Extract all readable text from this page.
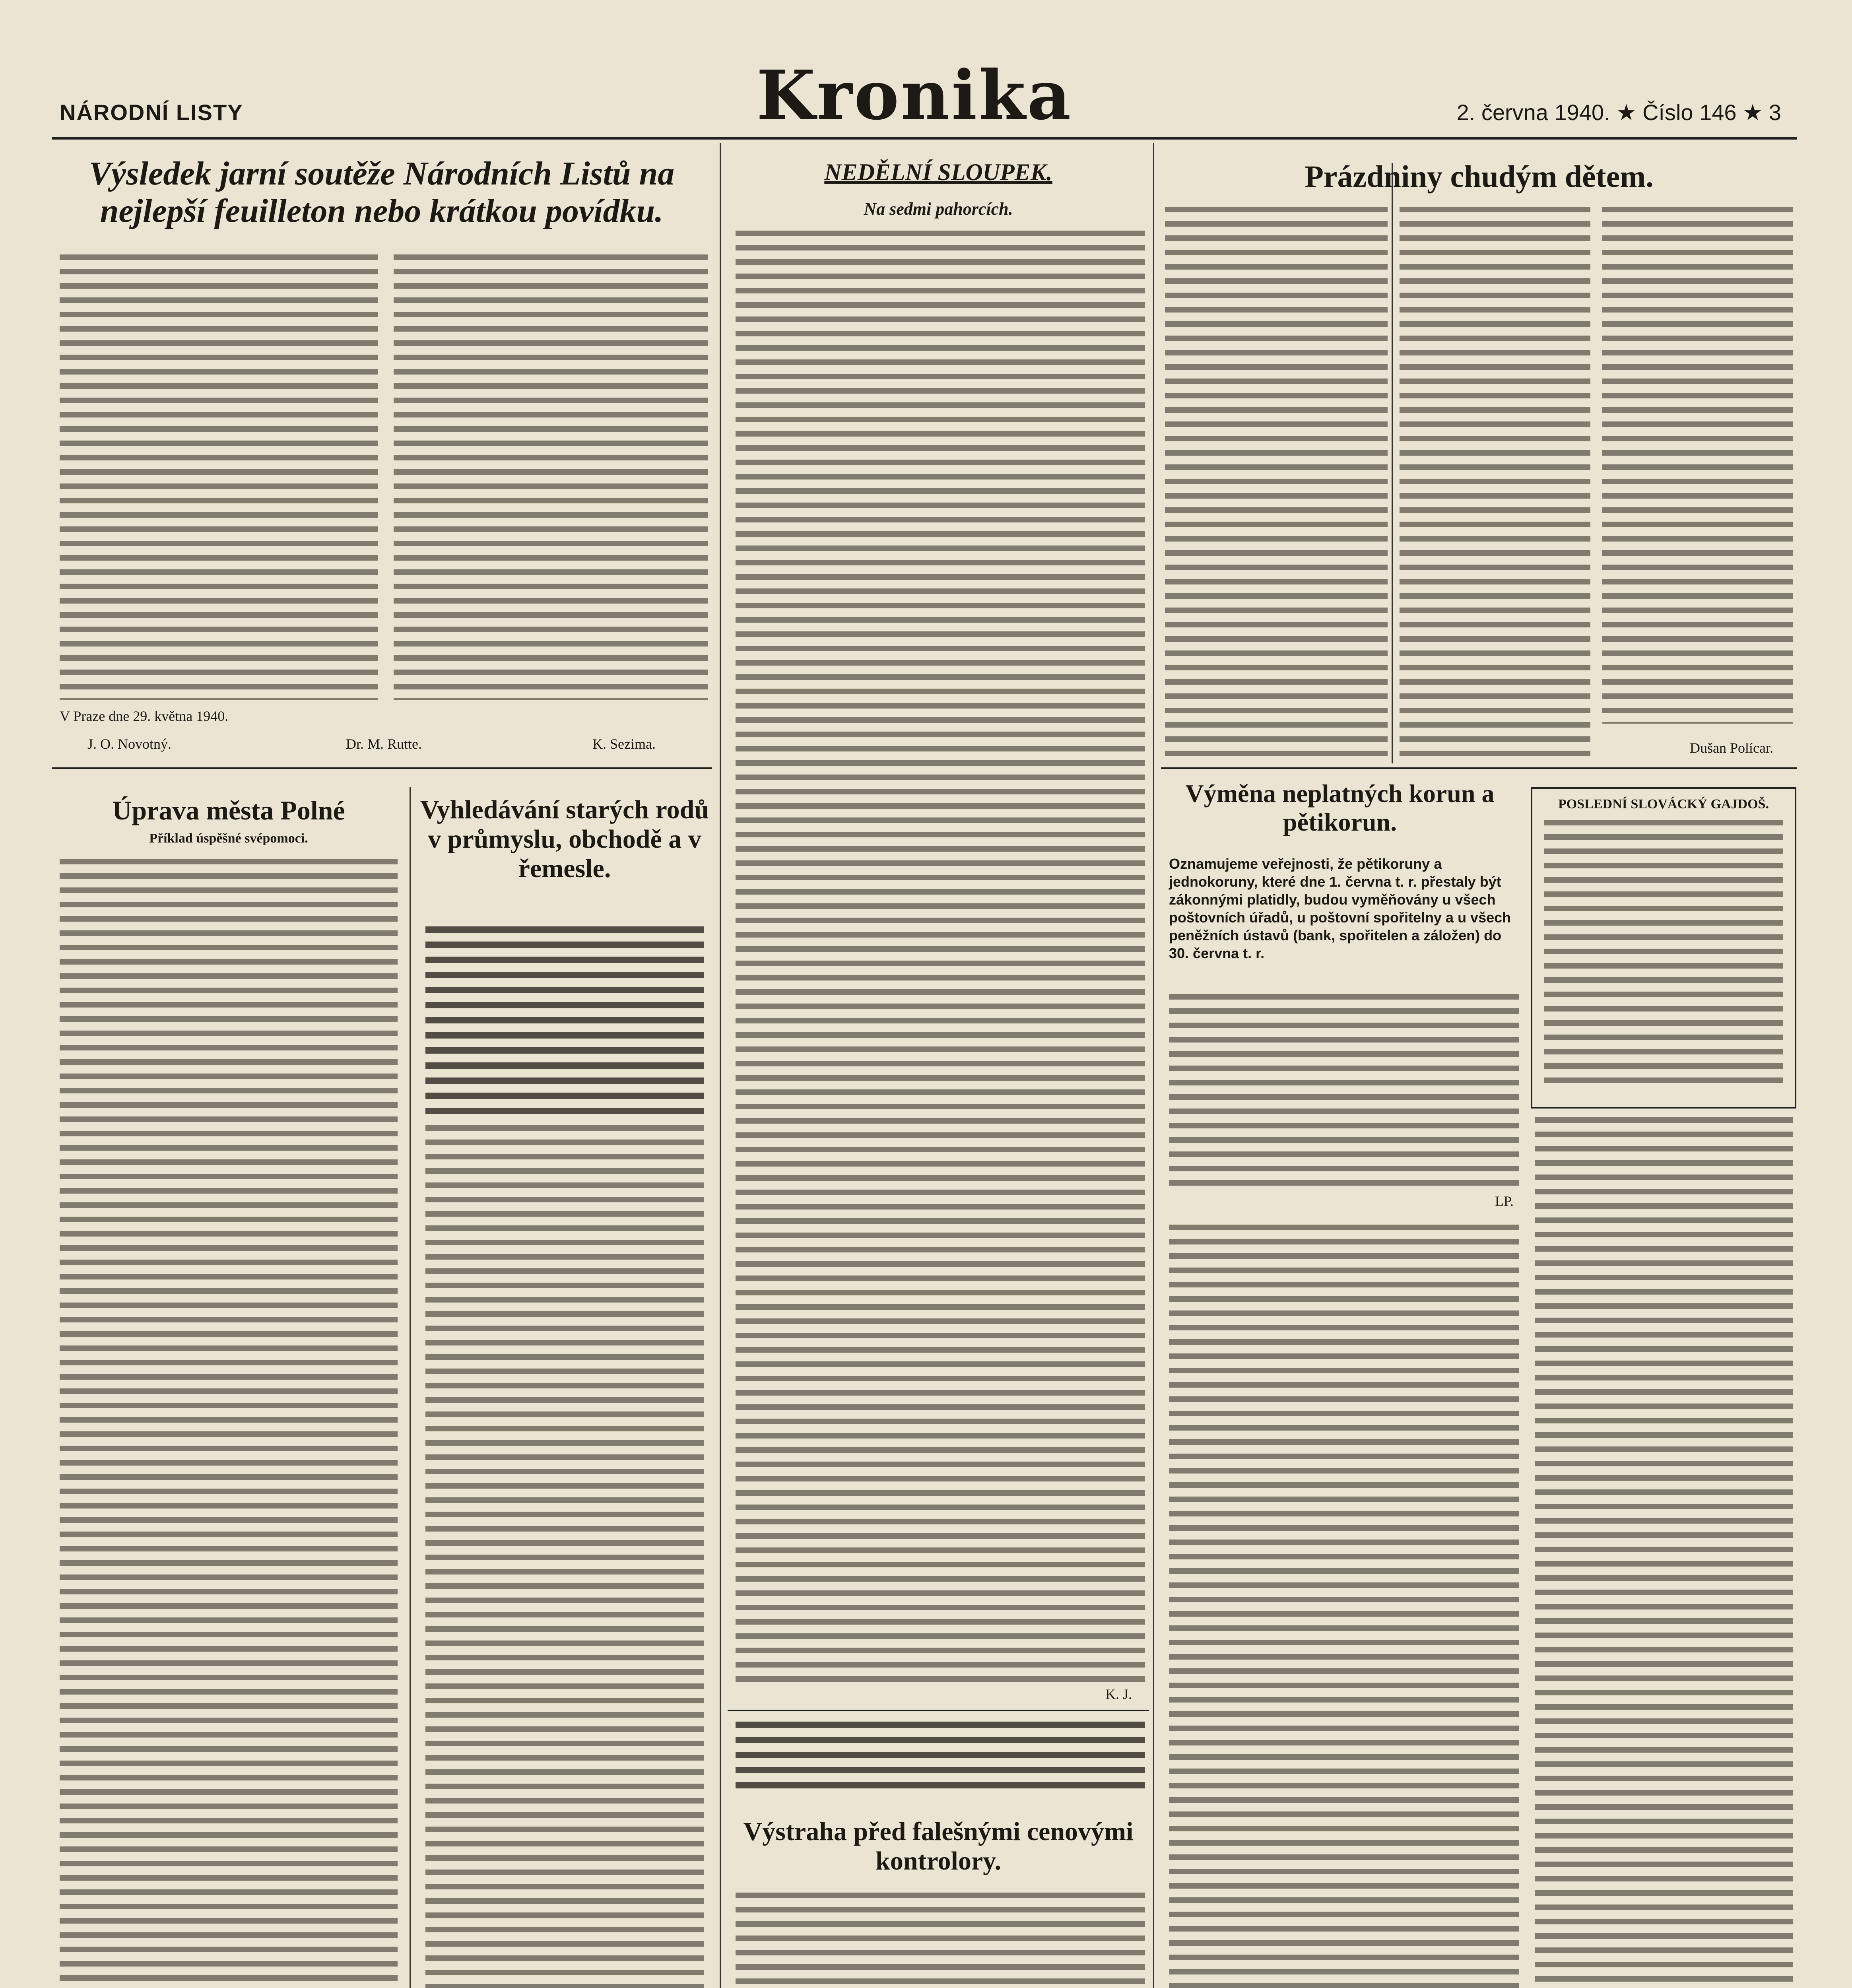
NÁRODNÍ LISTY	Kronika	2. června 1940. ★ Číslo 146 ★ 3
Výsledek jarní soutěže Národních Listů na nejlepší feuilleton nebo krátkou povídku.
V Praze dne 29. května 1940.
J. O. Novotný.	Dr. M. Rutte.	K. Sezima.
Úprava města Polné
Příklad úspěšné svépomoci.
Vyhledávání starých rodů v průmyslu, obchodě a v řemesle.
NEDĚLNÍ SLOUPEK.
Na sedmi pahorcích.
K. J.
Výstraha před falešnými cenovými kontrolory.
Prázdniny chudým dětem.
Dušan Polícar.
Výměna neplatných korun a pětikorun.
Oznamujeme veřejnosti, že pětikoruny a jednokoruny, které dne 1. června t. r. přestaly být zákonnými platidly, budou vyměňovány u všech poštovních úřadů, u poštovní spořitelny a u všech peněžních ústavů (bank, spořitelen a záložen) do 30. června t. r.
LP.
POSLEDNÍ SLOVÁCKÝ GAJDOŠ.
